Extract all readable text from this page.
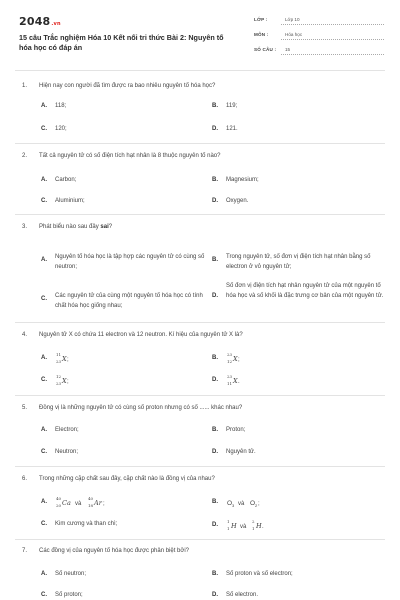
2048.vn
15 câu Trắc nghiệm Hóa 10 Kết nối tri thức Bài 2: Nguyên tố hóa học có đáp án
LỚP :	Lớp 10
MÔN :	Hóa học
SỐ CÂU : 15
1. Hiện nay con người đã tìm được ra bao nhiêu nguyên tố hóa học?
A. 118;	B. 119;
C. 120;	D. 121.
2. Tất cả nguyên tử có số điện tích hạt nhân là 8 thuộc nguyên tố nào?
A. Carbon;	B. Magnesium;
C. Aluminium;	D. Oxygen.
3. Phát biểu nào sau đây sai?
A. Nguyên tố hóa học là tập hợp các nguyên tử có cùng số neutron;
B. Trong nguyên tử, số đơn vị điện tích hạt nhân bằng số electron ở vỏ nguyên tử;
C. Các nguyên tử của cùng một nguyên tố hóa học có tính chất hóa học giống nhau;
D.
Số đơn vị điện tích hạt nhân nguyên tử của một nguyên tố hóa học và số khối là đặc trưng cơ bản của một nguyên tử.
4. Nguyên tử X có chứa 11 electron và 12 neutron. Kí hiệu của nguyên tử X là?
A.
11
23 X ;	B.
23
12 X ;
C.
12
23 X ;	D.
23
11 X .
5. Đồng vị là những nguyên tử có cùng số proton nhưng có số ...... khác nhau?
A. Electron;	B. Proton;
C. Neutron;	D. Nguyên tử.
6. Trong những cặp chất sau đây, cặp chất nào là đồng vị của nhau?
A.
40
20 Ca và
40
18 Ar ;	B. O 3 và O 2 ;
C. Kim cương và than chì;	D.
1
1 H và
2
1 H .
7. Các đồng vị của nguyên tố hóa học được phân biệt bởi?
A. Số neutron;	B. Số proton và số electron;
C. Số proton;	D. Số electron.
